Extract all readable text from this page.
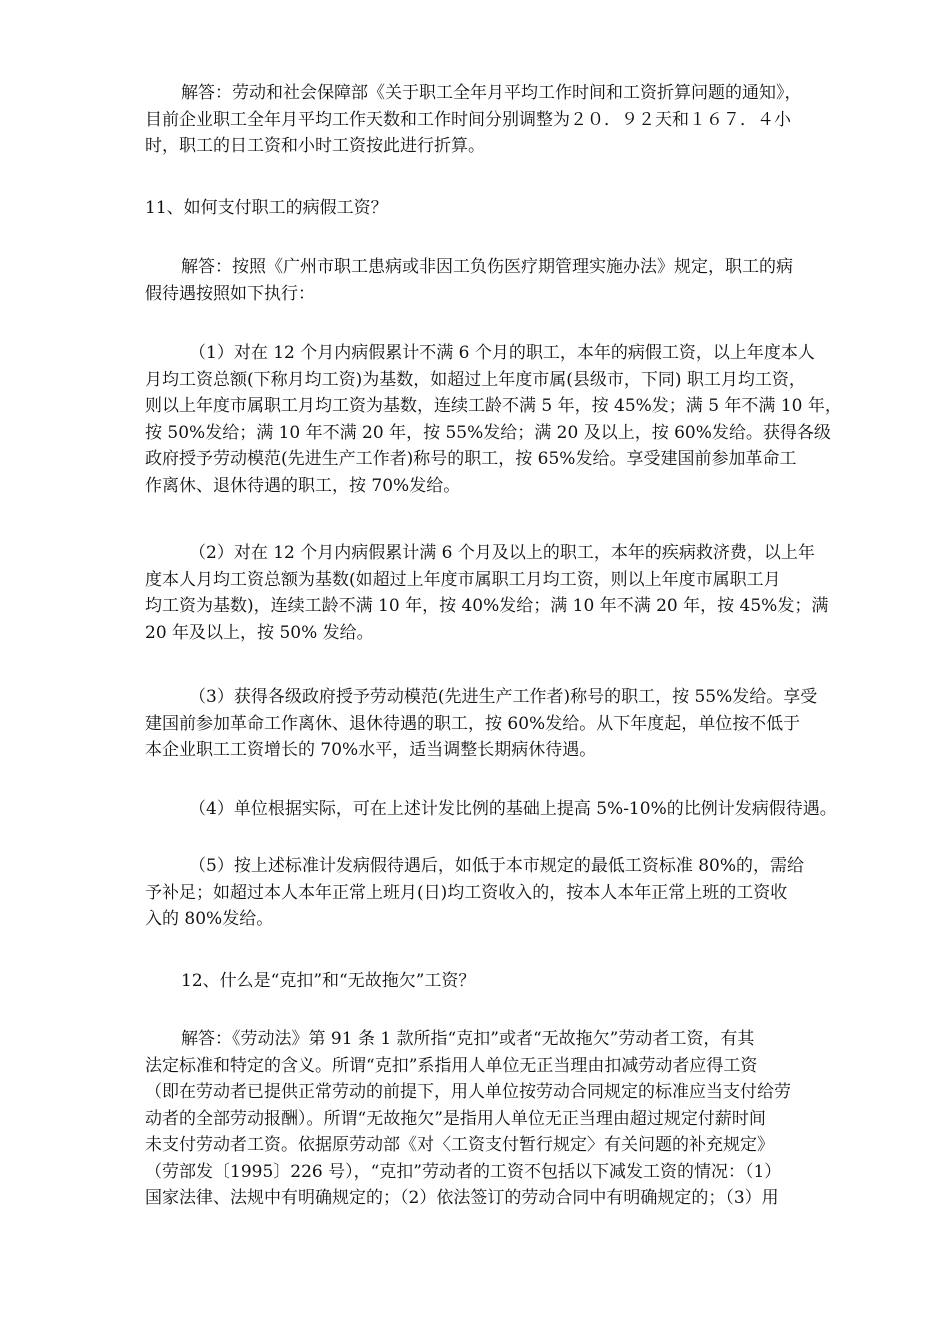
解答：劳动和社会保障部《关于职工全年月平均工作时间和工资折算问题的通知》，
目前企业职工全年月平均工作天数和工作时间分别调整为２０．９２天和１６７．４小
时，职工的日工资和小时工资按此进行折算。

11、如何支付职工的病假工资？

解答：按照《广州市职工患病或非因工负伤医疗期管理实施办法》规定，职工的病
假待遇按照如下执行：

（1）对在 12 个月内病假累计不满 6 个月的职工，本年的病假工资，以上年度本人
月均工资总额(下称月均工资)为基数，如超过上年度市属(县级市，下同) 职工月均工资，
则以上年度市属职工月均工资为基数，连续工龄不满 5 年，按 45%发；满 5 年不满 10 年，
按 50%发给；满 10 年不满 20 年，按 55%发给；满 20 及以上，按 60%发给。获得各级
政府授予劳动模范(先进生产工作者)称号的职工，按 65%发给。享受建国前参加革命工
作离休、退休待遇的职工，按 70%发给。

（2）对在 12 个月内病假累计满 6 个月及以上的职工，本年的疾病救济费，以上年
度本人月均工资总额为基数(如超过上年度市属职工月均工资，则以上年度市属职工月
均工资为基数)，连续工龄不满 10 年，按 40%发给；满 10 年不满 20 年，按 45%发；满
20 年及以上，按 50% 发给。

（3）获得各级政府授予劳动模范(先进生产工作者)称号的职工，按 55%发给。享受
建国前参加革命工作离休、退休待遇的职工，按 60%发给。从下年度起，单位按不低于
本企业职工工资增长的 70%水平，适当调整长期病休待遇。

（4）单位根据实际，可在上述计发比例的基础上提高 5%-10%的比例计发病假待遇。

（5）按上述标准计发病假待遇后，如低于本市规定的最低工资标准 80%的，需给
予补足；如超过本人本年正常上班月(日)均工资收入的，按本人本年正常上班的工资收
入的 80%发给。

12、什么是“克扣”和“无故拖欠”工资？

解答：《劳动法》第 91 条 1 款所指“克扣”或者“无故拖欠”劳动者工资，有其
法定标准和特定的含义。所谓“克扣”系指用人单位无正当理由扣减劳动者应得工资
（即在劳动者已提供正常劳动的前提下，用人单位按劳动合同规定的标准应当支付给劳
动者的全部劳动报酬）。所谓“无故拖欠”是指用人单位无正当理由超过规定付薪时间
未支付劳动者工资。依据原劳动部《对〈工资支付暂行规定〉有关问题的补充规定》
（劳部发〔1995〕226 号），“克扣”劳动者的工资不包括以下减发工资的情况：（1）
国家法律、法规中有明确规定的；（2）依法签订的劳动合同中有明确规定的；（3）用
